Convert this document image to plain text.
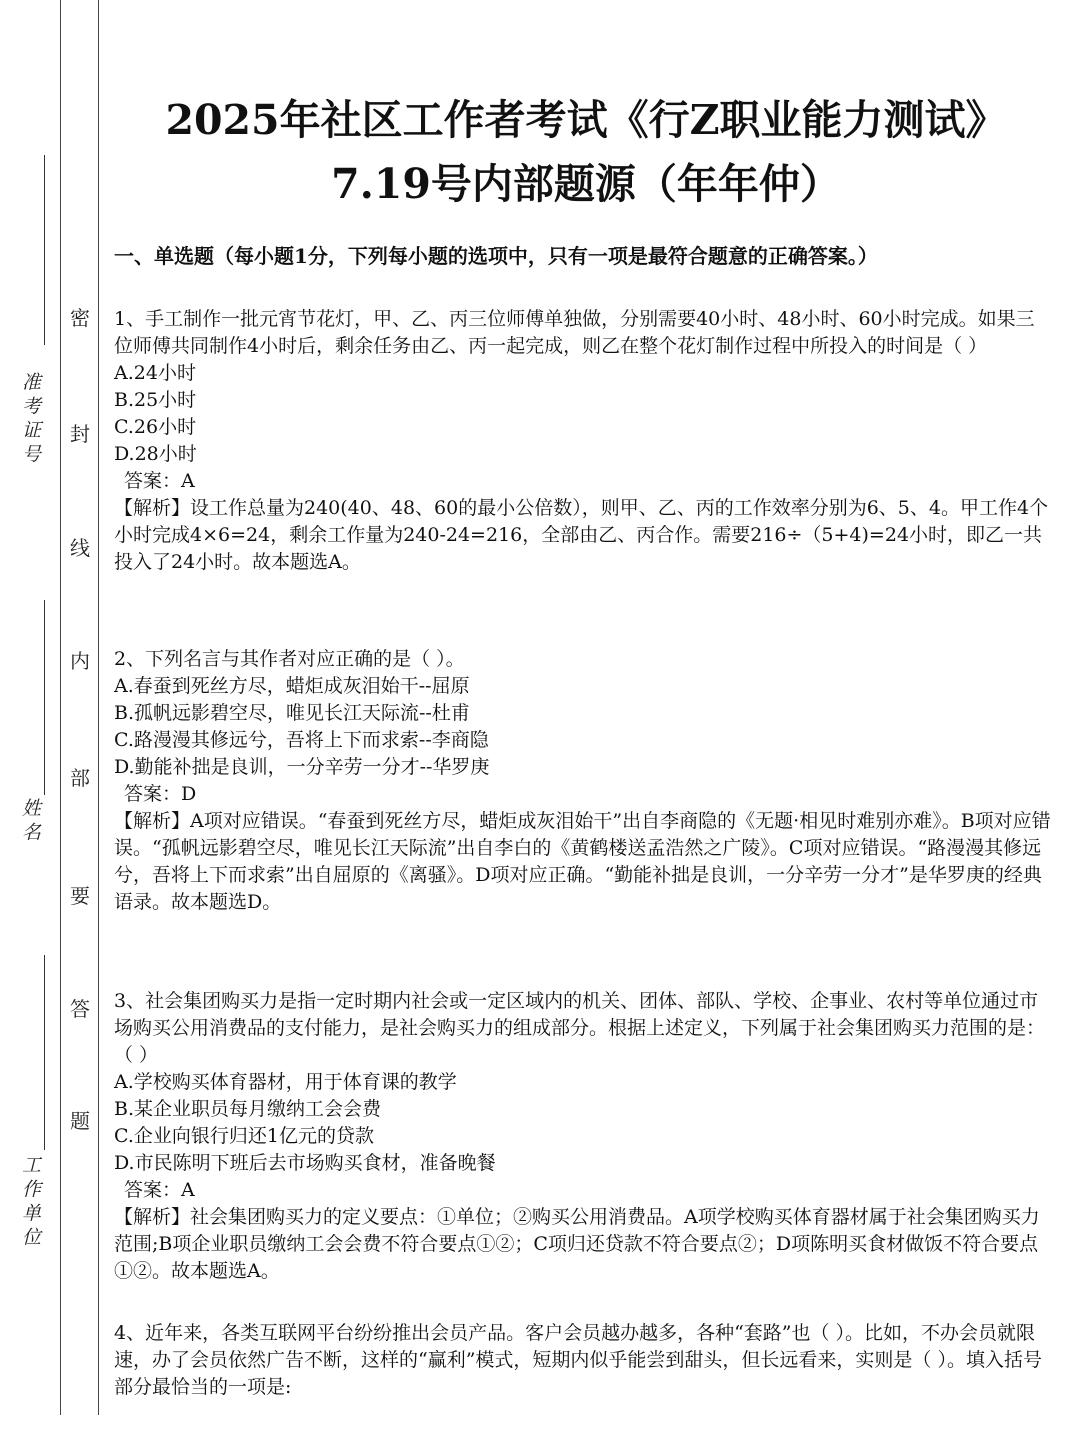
准考证号
姓名
工作单位
密
封
线
内
部
要
答
题
2025年社区工作者考试《行Z职业能力测试》
7.19号内部题源（年年仲）
一、单选题（每小题1分，下列每小题的选项中，只有一项是最符合题意的正确答案。）

1、手工制作一批元宵节花灯，甲、乙、丙三位师傅单独做，分别需要40小时、48小时、60小时完成。如果三位师傅共同制作4小时后，剩余任务由乙、丙一起完成，则乙在整个花灯制作过程中所投入的时间是（ ）

A.24小时

B.25小时

C.26小时

D.28小时

答案：A

【解析】设工作总量为240(40、48、60的最小公倍数），则甲、乙、丙的工作效率分别为6、5、4。甲工作4个小时完成4×6=24，剩余工作量为240-24=216，全部由乙、丙合作。需要216÷（5+4)=24小时，即乙一共投入了24小时。故本题选A。

2、下列名言与其作者对应正确的是（ ）。

A.春蚕到死丝方尽，蜡炬成灰泪始干--屈原

B.孤帆远影碧空尽，唯见长江天际流--杜甫

C.路漫漫其修远兮，吾将上下而求索--李商隐

D.勤能补拙是良训，一分辛劳一分才--华罗庚

答案：D

【解析】A项对应错误。“春蚕到死丝方尽，蜡炬成灰泪始干”出自李商隐的《无题·相见时难别亦难》。B项对应错误。“孤帆远影碧空尽，唯见长江天际流”出自李白的《黄鹤楼送孟浩然之广陵》。C项对应错误。“路漫漫其修远兮，吾将上下而求索”出自屈原的《离骚》。D项对应正确。“勤能补拙是良训，一分辛劳一分才”是华罗庚的经典语录。故本题选D。

3、社会集团购买力是指一定时期内社会或一定区域内的机关、团体、部队、学校、企事业、农村等单位通过市场购买公用消费品的支付能力，是社会购买力的组成部分。根据上述定义，下列属于社会集团购买力范围的是：（ ）

A.学校购买体育器材，用于体育课的教学

B.某企业职员每月缴纳工会会费

C.企业向银行归还1亿元的贷款

D.市民陈明下班后去市场购买食材，准备晚餐

答案：A

【解析】社会集团购买力的定义要点：①单位；②购买公用消费品。A项学校购买体育器材属于社会集团购买力范围;B项企业职员缴纳工会会费不符合要点①②；C项归还贷款不符合要点②；D项陈明买食材做饭不符合要点①②。故本题选A。

4、近年来，各类互联网平台纷纷推出会员产品。客户会员越办越多，各种“套路”也（ ）。比如，不办会员就限速，办了会员依然广告不断，这样的“赢利”模式，短期内似乎能尝到甜头，但长远看来，实则是（ ）。填入括号部分最恰当的一项是:
